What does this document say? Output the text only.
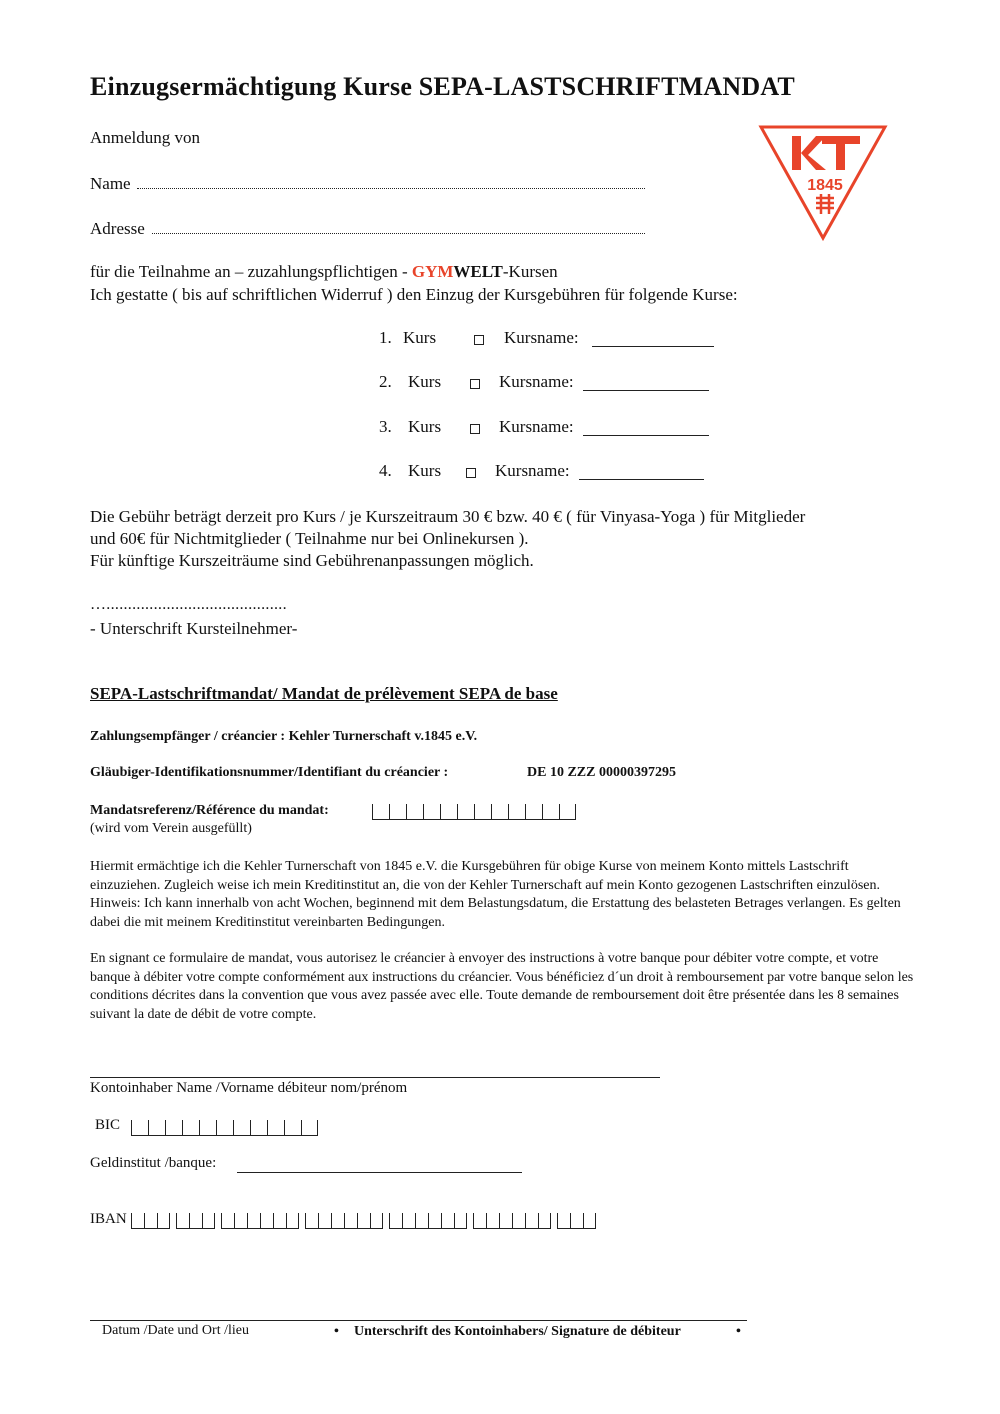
Einzugsermächtigung Kurse SEPA-LASTSCHRIFTMANDAT
1845
Anmeldung von
Name
Adresse
für die Teilnahme an – zuzahlungspflichtigen - GYMWELT-Kursen
Ich gestatte ( bis auf schriftlichen Widerruf ) den Einzug der Kursgebühren für folgende Kurse:
1. Kurs	Kursname:
2. Kurs	Kursname:
3. Kurs	Kursname:
4. Kurs	Kursname:
Die Gebühr beträgt derzeit pro Kurs / je Kurszeitraum 30 € bzw. 40 € ( für Vinyasa-Yoga ) für Mitglieder
und 60€ für Nichtmitglieder ( Teilnahme nur bei Onlinekursen ).
Für künftige Kurszeiträume sind Gebührenanpassungen möglich.
…..........................................
- Unterschrift Kursteilnehmer-
SEPA-Lastschriftmandat/ Mandat de prélèvement SEPA de base
Zahlungsempfänger / créancier : Kehler Turnerschaft v.1845 e.V.
Gläubiger-Identifikationsnummer/Identifiant du créancier :	DE 10 ZZZ 00000397295
Mandatsreferenz/Référence du mandat:
(wird vom Verein ausgefüllt)
Hiermit ermächtige ich die Kehler Turnerschaft von 1845 e.V. die Kursgebühren für obige Kurse von meinem Konto mittels Lastschrift einzuziehen. Zugleich weise ich mein Kreditinstitut an, die von der Kehler Turnerschaft auf mein Konto gezogenen Lastschriften einzulösen. Hinweis: Ich kann innerhalb von acht Wochen, beginnend mit dem Belastungsdatum, die Erstattung des belasteten Betrages verlangen. Es gelten dabei die mit meinem Kreditinstitut vereinbarten Bedingungen.
En signant ce formulaire de mandat, vous autorisez le créancier à envoyer des instructions à votre banque pour débiter votre compte, et votre banque à débiter votre compte conformément aux instructions du créancier. Vous bénéficiez d´un droit à remboursement par votre banque selon les conditions décrites dans la convention que vous avez passée avec elle. Toute demande de remboursement doit être présentée dans les 8 semaines suivant la date de débit de votre compte.
Kontoinhaber Name /Vorname débiteur nom/prénom
BIC
Geldinstitut /banque:
IBAN
Datum /Date und Ort /lieu	• Unterschrift des Kontoinhabers/ Signature de débiteur	•
